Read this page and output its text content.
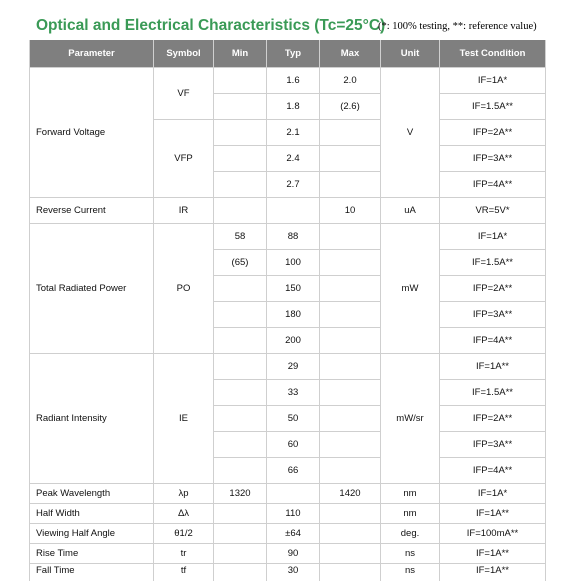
Optical and Electrical Characteristics (Tc=25°C)
(*: 100% testing, **: reference value)
Parameter	Symbol	Min	Typ	Max	Unit	Test Condition
Forward Voltage	VF		1.6	2.0	V	IF=1A*
			1.8	(2.6)		IF=1.5A**
	VFP		2.1			IFP=2A**
			2.4			IFP=3A**
			2.7			IFP=4A**
Reverse Current	IR			10	uA	VR=5V*
Total Radiated Power	PO	58	88		mW	IF=1A*
		(65)	100			IF=1.5A**
			150			IFP=2A**
			180			IFP=3A**
			200			IFP=4A**
Radiant Intensity	IE		29		mW/sr	IF=1A**
			33			IF=1.5A**
			50			IFP=2A**
			60			IFP=3A**
			66			IFP=4A**
Peak Wavelength	λp	1320		1420	nm	IF=1A*
Half Width	Δλ		110		nm	IF=1A**
Viewing Half Angle	θ1/2		±64		deg.	IF=100mA**
Rise Time	tr		90		ns	IF=1A**
Fall Time	tf		30		ns	IF=1A**
